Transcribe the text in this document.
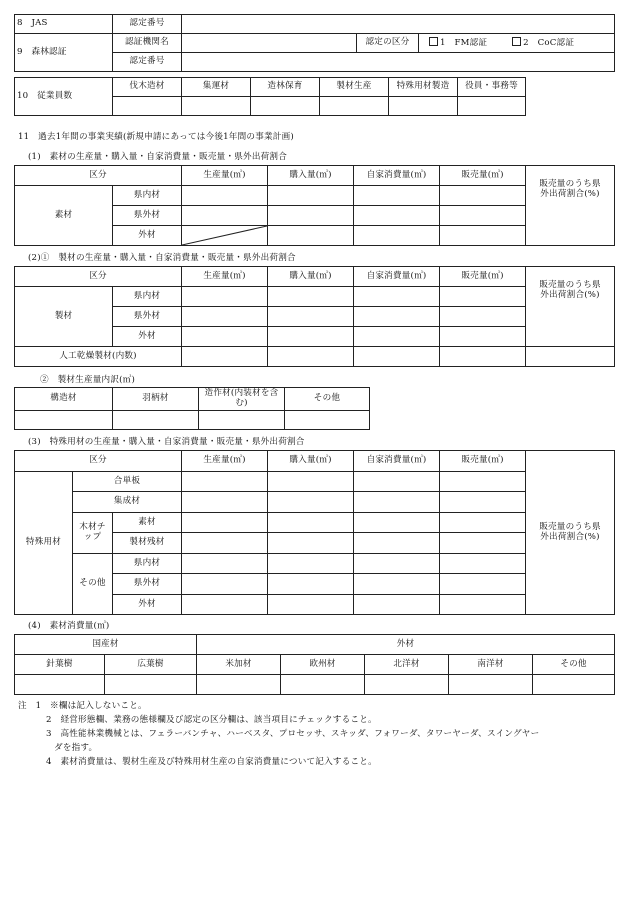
8　JAS	認定番号			
9　森林認証	認証機関名		認定の区分	1　FM認証 2　CoC認証
	認定番号			
10　従業員数	伐木造材	集運材	造林保育	製材生産	特殊用材製造	役員・事務等

11　過去1年間の事業実績(新規申請にあっては今後1年間の事業計画)
(1)　素材の生産量・購入量・自家消費量・販売量・県外出荷割合
区分		生産量(㎥)	購入量(㎥)	自家消費量(㎥)	販売量(㎥)	販売量のうち県外出荷割合(%)
素材	県内材					
	県外材					
	外材	

(2)①　製材の生産量・購入量・自家消費量・販売量・県外出荷割合
区分		生産量(㎥)	購入量(㎥)	自家消費量(㎥)	販売量(㎥)	販売量のうち県外出荷割合(%)
製材	県内材					
	県外材					
	外材					
人工乾燥製材(内数)						
②　製材生産量内訳(㎥)
構造材	羽柄材	造作材(内装材を含む)	その他

(3)　特殊用材の生産量・購入量・自家消費量・販売量・県外出荷割合
区分			生産量(㎥)	購入量(㎥)	自家消費量(㎥)	販売量(㎥)	販売量のうち県外出荷割合(%)
特殊用材	合単板						
	集成材						
	木材チップ	素材					
		製材残材					
	その他	県内材					
		県外材					
		外材					
(4)　素材消費量(㎥)
国産材		外材				
針葉樹	広葉樹	米加材	欧州材	北洋材	南洋材	その他

注　1　※欄は記入しないこと。
2　経営形態欄、業務の態様欄及び認定の区分欄は、該当項目にチェックすること。
3　高性能林業機械とは、フェラーバンチャ、ハーベスタ、プロセッサ、スキッダ、フォワーダ、タワーヤーダ、スイングヤー
ダを指す。
4　素材消費量は、製材生産及び特殊用材生産の自家消費量について記入すること。
